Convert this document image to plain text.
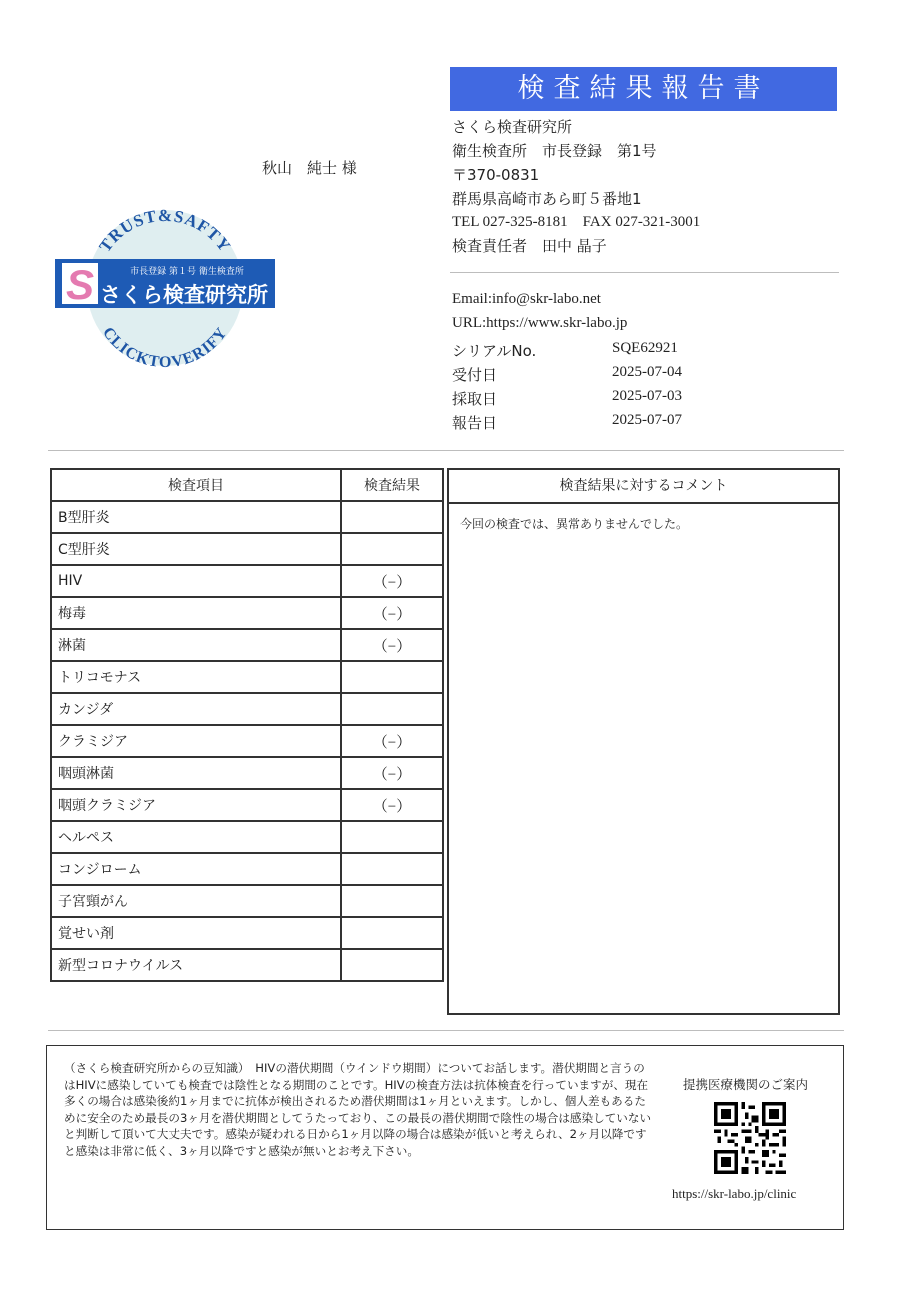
検査結果報告書
秋山　純士 様
TRUST&SAFTY
CLICKTOVERIFY
S	市長登録 第１号 衛生検査所
さくら検査研究所
さくら検査研究所
衛生検査所　市長登録　第1号
〒370-0831
群馬県高崎市あら町５番地1
TEL 027-325-8181　FAX 027-321-3001
検査責任者　田中 晶子
Email:info@skr-labo.net
URL:https://www.skr-labo.jp
シリアルNo.	SQE62921
受付日	2025-07-04
採取日	2025-07-03
報告日	2025-07-07
検査項目	検査結果
B型肝炎	
C型肝炎	
HIV	（−）
梅毒	（−）
淋菌	（−）
トリコモナス	
カンジダ	
クラミジア	（−）
咽頭淋菌	（−）
咽頭クラミジア	（−）
ヘルペス	
コンジローム	
子宮頸がん	
覚せい剤	
新型コロナウイルス	
検査結果に対するコメント
今回の検査では、異常ありませんでした。
（さくら検査研究所からの豆知識）　HIVの潜伏期間（ウインドウ期間）についてお話します。潜伏期間と言うのはHIVに感染していても検査では陰性となる期間のことです。HIVの検査方法は抗体検査を行っていますが、現在多くの場合は感染後約1ヶ月までに抗体が検出されるため潜伏期間は1ヶ月といえます。しかし、個人差もあるために安全のため最長の3ヶ月を潜伏期間としてうたっており、この最長の潜伏期間で陰性の場合は感染していないと判断して頂いて大丈夫です。感染が疑われる日から1ヶ月以降の場合は感染が低いと考えられ、2ヶ月以降ですと感染は非常に低く、3ヶ月以降ですと感染が無いとお考え下さい。
提携医療機関のご案内
https://skr-labo.jp/clinic
